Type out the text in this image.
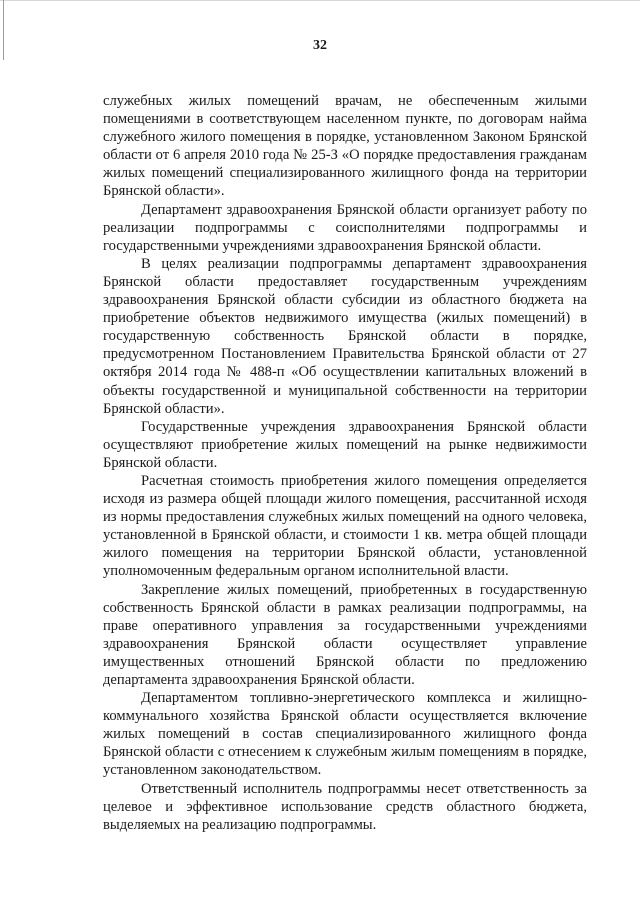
32

служебных жилых помещений врачам, не обеспеченным жилыми помещениями в соответствующем населенном пункте, по договорам найма служебного жилого помещения в порядке, установленном Законом Брянской области от 6 апреля 2010 года № 25-З «О порядке предоставления гражданам жилых помещений специализированного жилищного фонда на территории Брянской области».

Департамент здравоохранения Брянской области организует работу по реализации подпрограммы с соисполнителями подпрограммы и государственными учреждениями здравоохранения Брянской области.

В целях реализации подпрограммы департамент здравоохранения Брянской области предоставляет государственным учреждениям здравоохранения Брянской области субсидии из областного бюджета на приобретение объектов недвижимого имущества (жилых помещений) в государственную собственность Брянской области в порядке, предусмотренном Постановлением Правительства Брянской области от 27 октября 2014 года № 488-п «Об осуществлении капитальных вложений в объекты государственной и муниципальной собственности на территории Брянской области».

Государственные учреждения здравоохранения Брянской области осуществляют приобретение жилых помещений на рынке недвижимости Брянской области.

Расчетная стоимость приобретения жилого помещения определяется исходя из размера общей площади жилого помещения, рассчитанной исходя из нормы предоставления служебных жилых помещений на одного человека, установленной в Брянской области, и стоимости 1 кв. метра общей площади жилого помещения на территории Брянской области, установленной уполномоченным федеральным органом исполнительной власти.

Закрепление жилых помещений, приобретенных в государственную собственность Брянской области в рамках реализации подпрограммы, на праве оперативного управления за государственными учреждениями здравоохранения Брянской области осуществляет управление имущественных отношений Брянской области по предложению департамента здравоохранения Брянской области.

Департаментом топливно-энергетического комплекса и жилищно-коммунального хозяйства Брянской области осуществляется включение жилых помещений в состав специализированного жилищного фонда Брянской области с отнесением к служебным жилым помещениям в порядке, установленном законодательством.

Ответственный исполнитель подпрограммы несет ответственность за целевое и эффективное использование средств областного бюджета, выделяемых на реализацию подпрограммы.
